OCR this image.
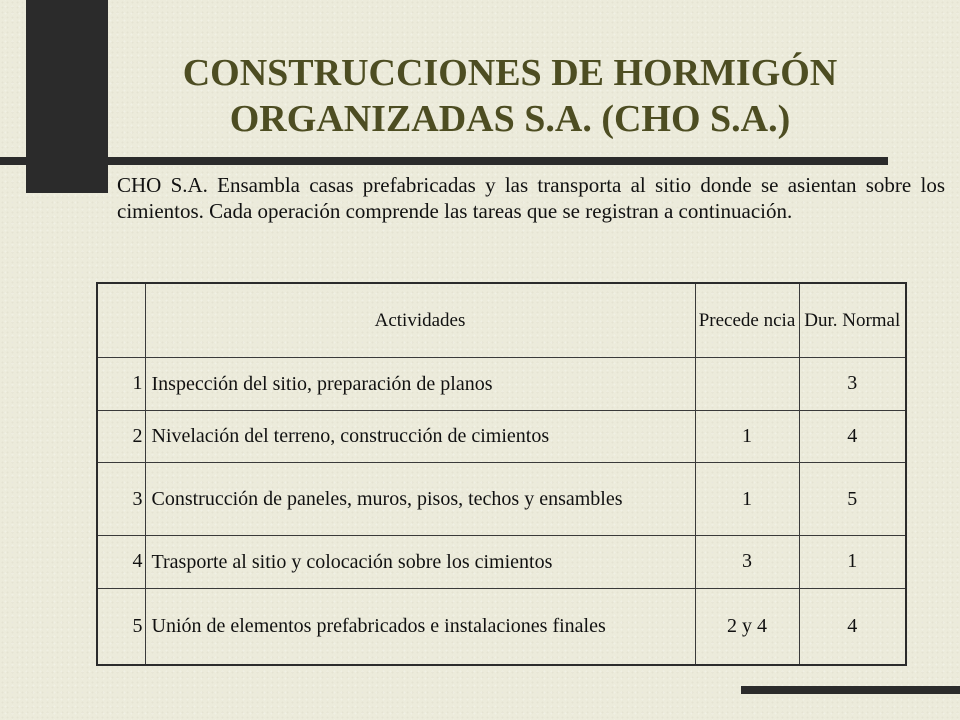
CONSTRUCCIONES DE HORMIGÓN
ORGANIZADAS S.A. (CHO S.A.)

CHO S.A. Ensambla casas prefabricadas y las transporta al sitio donde se asientan sobre los cimientos. Cada operación comprende las tareas que se registran a continuación.

	Actividades	Precede ncia	Dur. Normal
1	Inspección del sitio, preparación de planos		3
2	Nivelación del terreno, construcción de cimientos	1	4
3	Construcción de paneles, muros, pisos, techos y ensambles	1	5
4	Trasporte al sitio y colocación sobre los cimientos	3	1
5	Unión de elementos prefabricados e instalaciones finales	2 y 4	4
